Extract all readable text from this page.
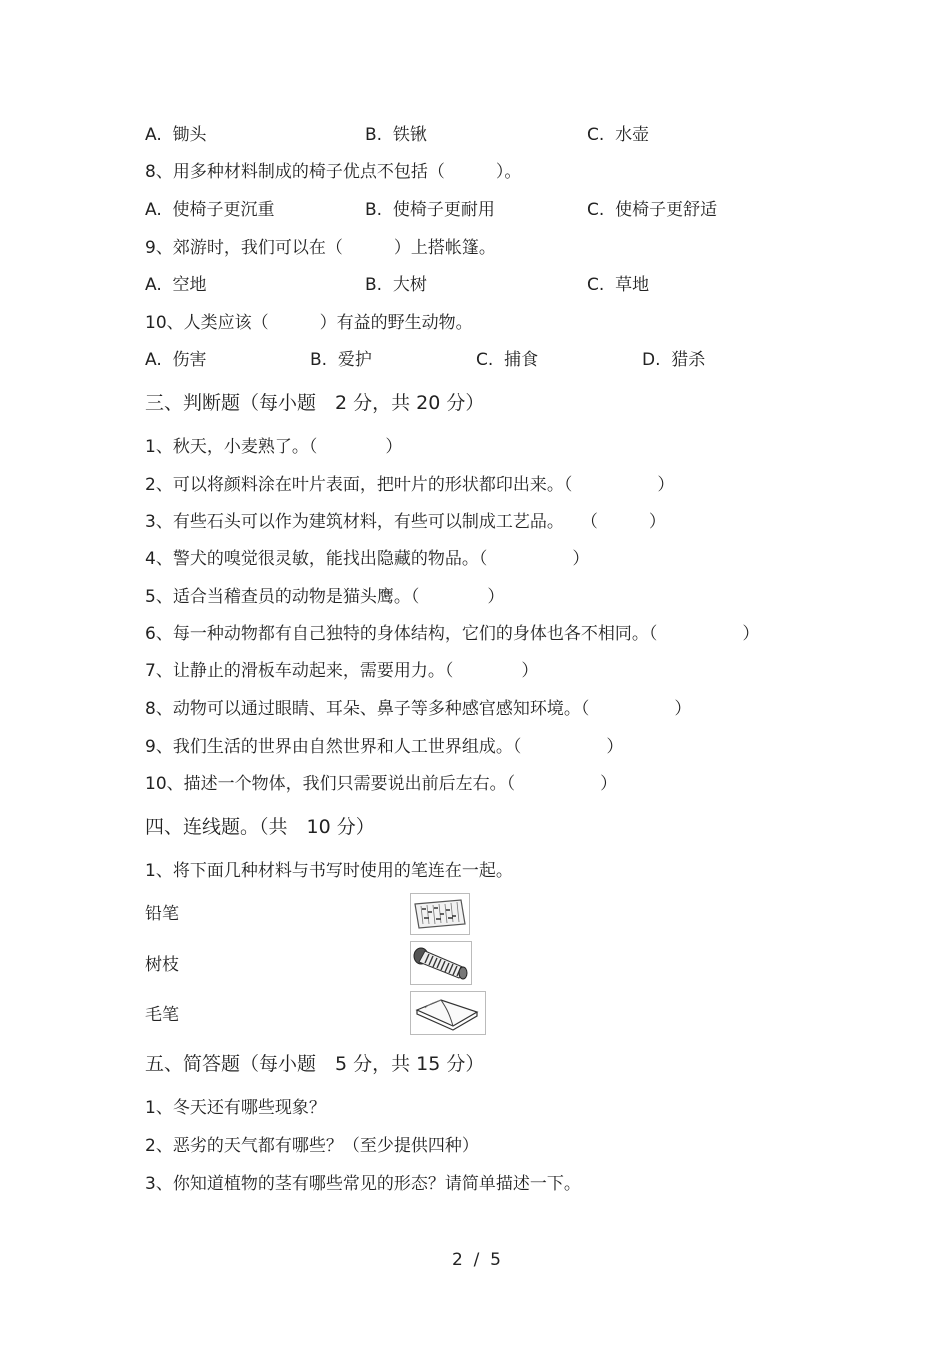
A.  锄头	B.  铁锹	C.  水壶
8、用多种材料制成的椅子优点不包括（　　　）。
A.  使椅子更沉重	B.  使椅子更耐用	C.  使椅子更舒适
9、郊游时，我们可以在（　　　）上搭帐篷。
A.  空地	B.  大树	C.  草地
10、人类应该（　　　）有益的野生动物。
A.  伤害	B.  爱护	C.  捕食	D.  猎杀
三、判断题（每小题　2 分，共 20 分）
1、秋天，小麦熟了。（　　　　）
2、可以将颜料涂在叶片表面，把叶片的形状都印出来。（　　　　　）
3、有些石头可以作为建筑材料，有些可以制成工艺品。　　（　　　）
4、警犬的嗅觉很灵敏，能找出隐藏的物品。（　　　　　）
5、适合当稽查员的动物是猫头鹰。（　　　　）
6、每一种动物都有自己独特的身体结构，它们的身体也各不相同。（　　　　　）
7、让静止的滑板车动起来，需要用力。（　　　　）
8、动物可以通过眼睛、耳朵、鼻子等多种感官感知环境。（　　　　　）
9、我们生活的世界由自然世界和人工世界组成。（　　　　　）
10、描述一个物体，我们只需要说出前后左右。（　　　　　）
四、连线题。（共　10 分）
1、将下面几种材料与书写时使用的笔连在一起。
铅笔
树枝
毛笔
五、简答题（每小题　5 分，共 15 分）
1、冬天还有哪些现象？
2、恶劣的天气都有哪些？（至少提供四种）
3、你知道植物的茎有哪些常见的形态？请简单描述一下。
2  /  5
